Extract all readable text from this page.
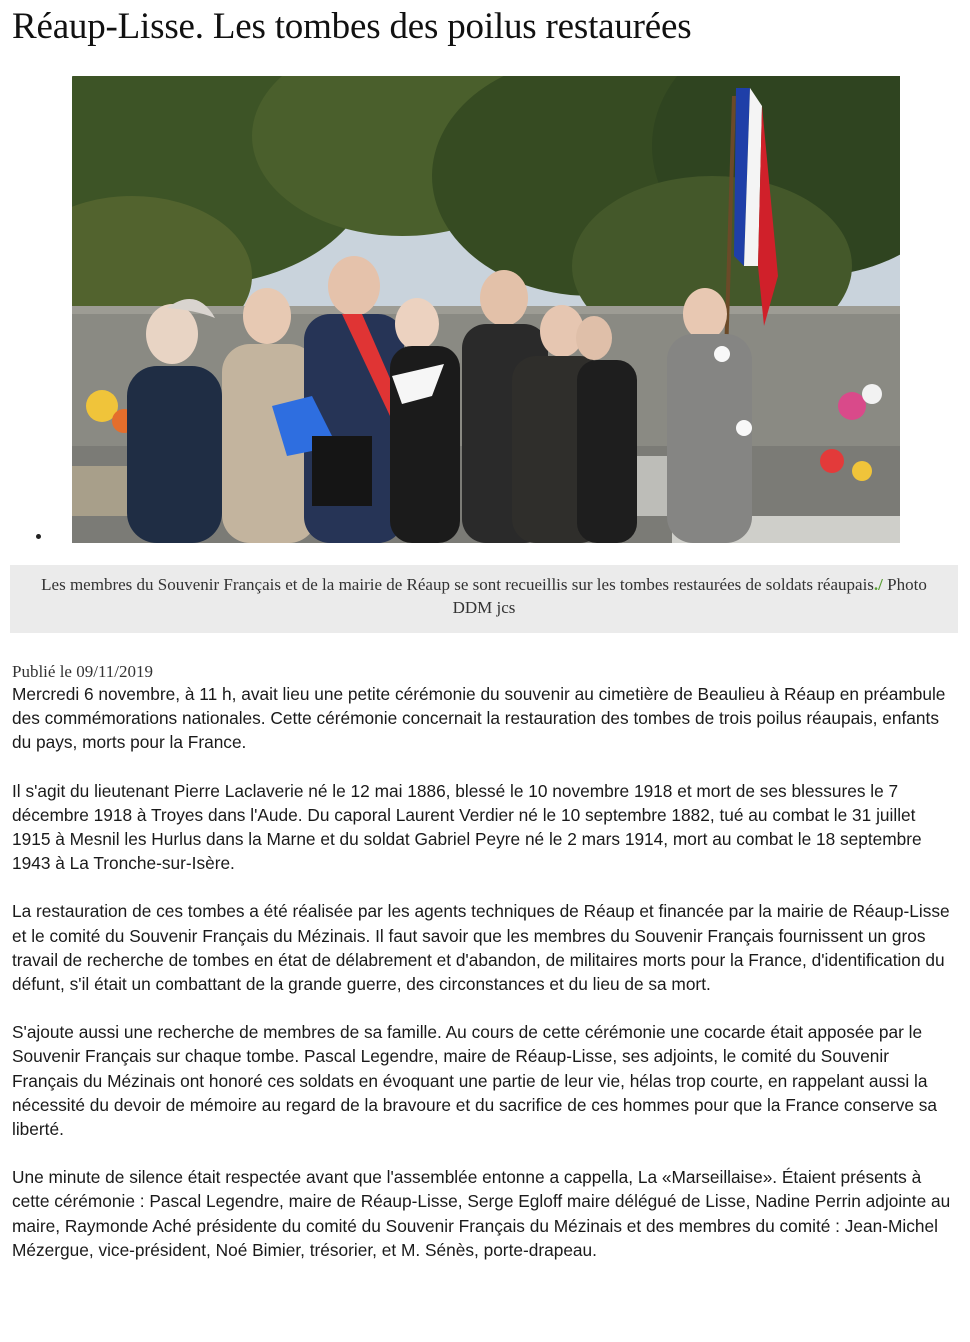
Réaup-Lisse. Les tombes des poilus restaurées
Les membres du Souvenir Français et de la mairie de Réaup se sont recueillis sur les tombes restaurées de soldats réaupais./ Photo DDM jcs
Publié le 09/11/2019

Mercredi 6 novembre, à 11 h, avait lieu une petite cérémonie du souvenir au cimetière de Beaulieu à Réaup en préambule des commémorations nationales. Cette cérémonie concernait la restauration des tombes de trois poilus réaupais, enfants du pays, morts pour la France.

Il s'agit du lieutenant Pierre Laclaverie né le 12 mai 1886, blessé le 10 novembre 1918 et mort de ses blessures le 7 décembre 1918 à Troyes dans l'Aude. Du caporal Laurent Verdier né le 10 septembre 1882, tué au combat le 31 juillet 1915 à Mesnil les Hurlus dans la Marne et du soldat Gabriel Peyre né le 2 mars 1914, mort au combat le 18 septembre 1943 à La Tronche-sur-Isère.

La restauration de ces tombes a été réalisée par les agents techniques de Réaup et financée par la mairie de Réaup-Lisse et le comité du Souvenir Français du Mézinais. Il faut savoir que les membres du Souvenir Français fournissent un gros travail de recherche de tombes en état de délabrement et d'abandon, de militaires morts pour la France, d'identification du défunt, s'il était un combattant de la grande guerre, des circonstances et du lieu de sa mort.

S'ajoute aussi une recherche de membres de sa famille. Au cours de cette cérémonie une cocarde était apposée par le Souvenir Français sur chaque tombe. Pascal Legendre, maire de Réaup-Lisse, ses adjoints, le comité du Souvenir Français du Mézinais ont honoré ces soldats en évoquant une partie de leur vie, hélas trop courte, en rappelant aussi la nécessité du devoir de mémoire au regard de la bravoure et du sacrifice de ces hommes pour que la France conserve sa liberté.

Une minute de silence était respectée avant que l'assemblée entonne a cappella, La «Marseillaise». Étaient présents à cette cérémonie : Pascal Legendre, maire de Réaup-Lisse, Serge Egloff maire délégué de Lisse, Nadine Perrin adjointe au maire, Raymonde Aché présidente du comité du Souvenir Français du Mézinais et des membres du comité : Jean-Michel Mézergue, vice-président, Noé Bimier, trésorier, et M. Sénès, porte-drapeau.
